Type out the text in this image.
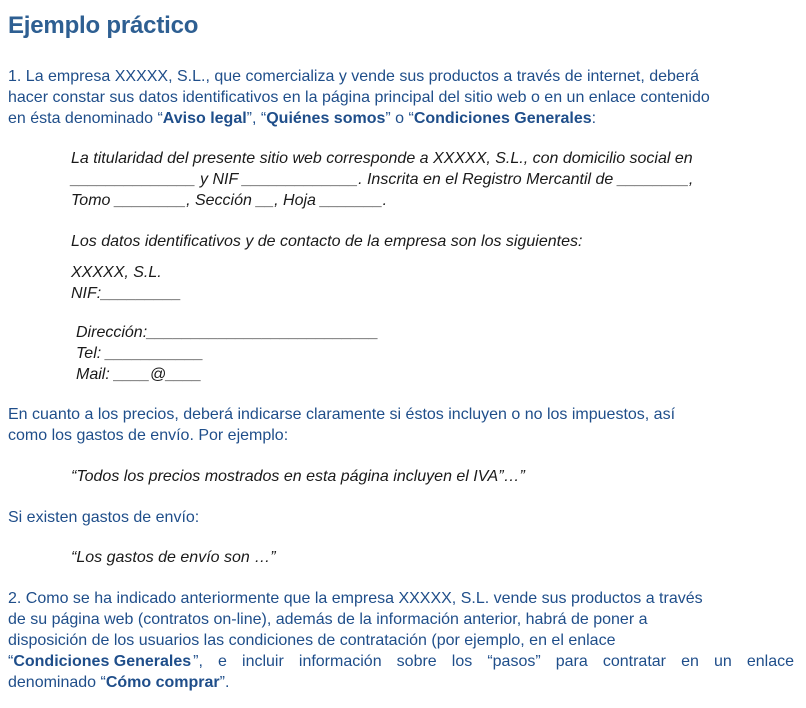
Ejemplo práctico
1. La empresa XXXXX, S.L., que comercializa y vende sus productos a través de internet, deberá
hacer constar sus datos identificativos en la página principal del sitio web o en un enlace contenido
en ésta denominado “Aviso legal”, “Quiénes somos” o “Condiciones Generales:
La titularidad del presente sitio web corresponde a XXXXX, S.L., con domicilio social en
______________ y NIF _____________. Inscrita en el Registro Mercantil de ________,
Tomo ________, Sección __, Hoja _______.
Los datos identificativos y de contacto de la empresa son los siguientes:
XXXXX, S.L.
NIF:_________
Dirección:__________________________
Tel: ___________
Mail: ____@____
En cuanto a los precios, deberá indicarse claramente si éstos incluyen o no los impuestos, así
como los gastos de envío. Por ejemplo:
“Todos los precios mostrados en esta página incluyen el IVA”…”
Si existen gastos de envío:
“Los gastos de envío son …”
2. Como se ha indicado anteriormente que la empresa XXXXX, S.L. vende sus productos a través
de su página web (contratos on-line), además de la información anterior, habrá de poner a
disposición de los usuarios las condiciones de contratación (por ejemplo, en el enlace
“Condiciones Generales ”, e incluir información sobre los “pasos” para contratar en un enlace
denominado “Cómo comprar”.
